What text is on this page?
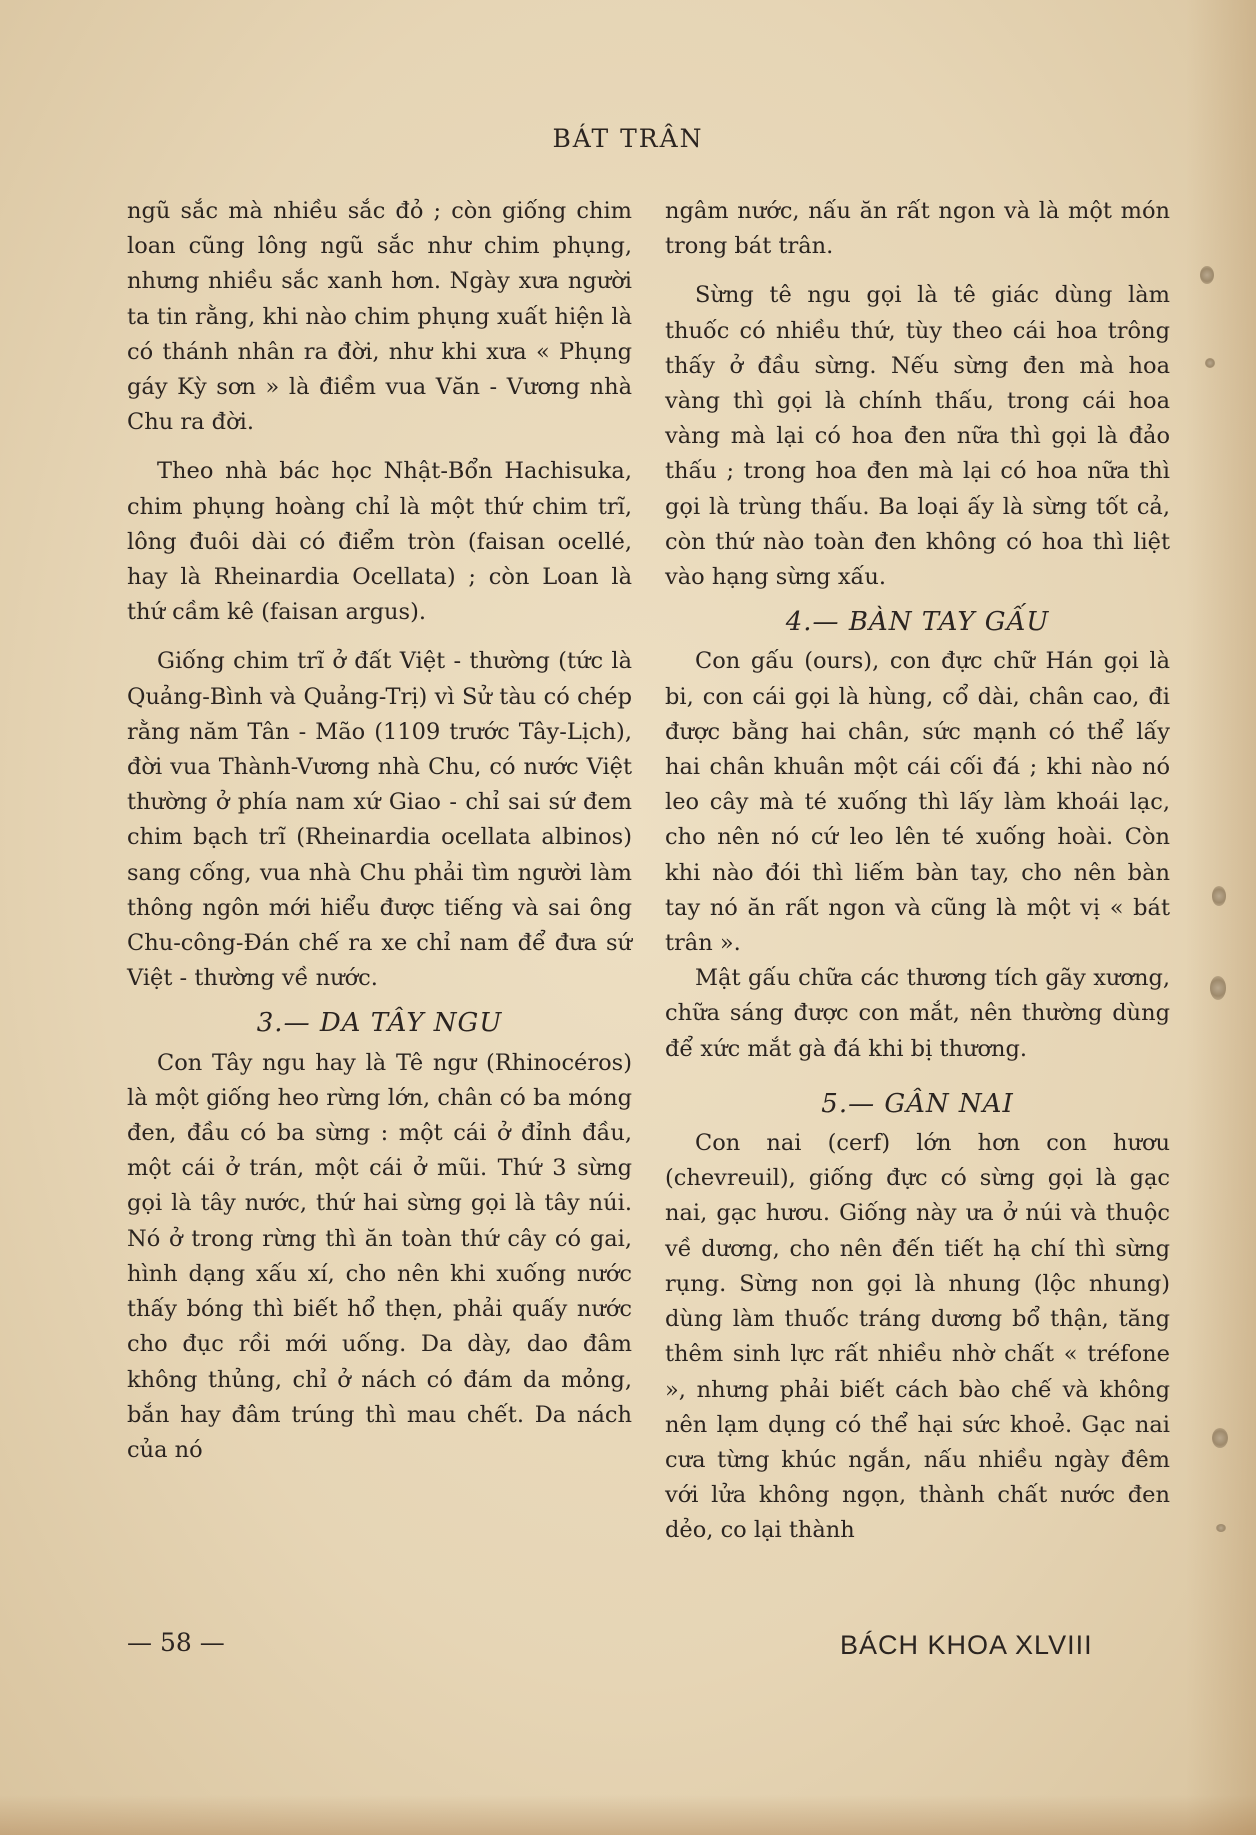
BÁT TRÂN

ngũ sắc mà nhiều sắc đỏ ; còn giống chim loan cũng lông ngũ sắc như chim phụng, nhưng nhiều sắc xanh hơn. Ngày xưa người ta tin rằng, khi nào chim phụng xuất hiện là có thánh nhân ra đời, như khi xưa « Phụng gáy Kỳ sơn » là điềm vua Văn - Vương nhà Chu ra đời.

Theo nhà bác học Nhật-Bổn Hachisuka, chim phụng hoàng chỉ là một thứ chim trĩ, lông đuôi dài có điểm tròn (faisan ocellé, hay là Rheinardia Ocellata) ; còn Loan là thứ cầm kê (faisan argus).

Giống chim trĩ ở đất Việt - thường (tức là Quảng-Bình và Quảng-Trị) vì Sử tàu có chép rằng năm Tân - Mão (1109 trước Tây-Lịch), đời vua Thành-Vương nhà Chu, có nước Việt thường ở phía nam xứ Giao - chỉ sai sứ đem chim bạch trĩ (Rheinardia ocellata albinos) sang cống, vua nhà Chu phải tìm người làm thông ngôn mới hiểu được tiếng và sai ông Chu-công-Đán chế ra xe chỉ nam để đưa sứ Việt - thường về nước.

3.— DA TÂY NGU

Con Tây ngu hay là Tê ngư (Rhinocéros) là một giống heo rừng lớn, chân có ba móng đen, đầu có ba sừng : một cái ở đỉnh đầu, một cái ở trán, một cái ở mũi. Thứ 3 sừng gọi là tây nước, thứ hai sừng gọi là tây núi. Nó ở trong rừng thì ăn toàn thứ cây có gai, hình dạng xấu xí, cho nên khi xuống nước thấy bóng thì biết hổ thẹn, phải quấy nước cho đục rồi mới uống. Da dày, dao đâm không thủng, chỉ ở nách có đám da mỏng, bắn hay đâm trúng thì mau chết. Da nách của nó

ngâm nước, nấu ăn rất ngon và là một món trong bát trân.

Sừng tê ngu gọi là tê giác dùng làm thuốc có nhiều thứ, tùy theo cái hoa trông thấy ở đầu sừng. Nếu sừng đen mà hoa vàng thì gọi là chính thấu, trong cái hoa vàng mà lại có hoa đen nữa thì gọi là đảo thấu ; trong hoa đen mà lại có hoa nữa thì gọi là trùng thấu. Ba loại ấy là sừng tốt cả, còn thứ nào toàn đen không có hoa thì liệt vào hạng sừng xấu.

4.— BÀN TAY GẤU

Con gấu (ours), con đực chữ Hán gọi là bi, con cái gọi là hùng, cổ dài, chân cao, đi được bằng hai chân, sức mạnh có thể lấy hai chân khuân một cái cối đá ; khi nào nó leo cây mà té xuống thì lấy làm khoái lạc, cho nên nó cứ leo lên té xuống hoài. Còn khi nào đói thì liếm bàn tay, cho nên bàn tay nó ăn rất ngon và cũng là một vị « bát trân ».

Mật gấu chữa các thương tích gãy xương, chữa sáng được con mắt, nên thường dùng để xức mắt gà đá khi bị thương.

5.— GÂN NAI

Con nai (cerf) lớn hơn con hươu (chevreuil), giống đực có sừng gọi là gạc nai, gạc hươu. Giống này ưa ở núi và thuộc về dương, cho nên đến tiết hạ chí thì sừng rụng. Sừng non gọi là nhung (lộc nhung) dùng làm thuốc tráng dương bổ thận, tăng thêm sinh lực rất nhiều nhờ chất « tréfone », nhưng phải biết cách bào chế và không nên lạm dụng có thể hại sức khoẻ. Gạc nai cưa từng khúc ngắn, nấu nhiều ngày đêm với lửa không ngọn, thành chất nước đen dẻo, co lại thành

— 58 —	BÁCH KHOA XLVIII
